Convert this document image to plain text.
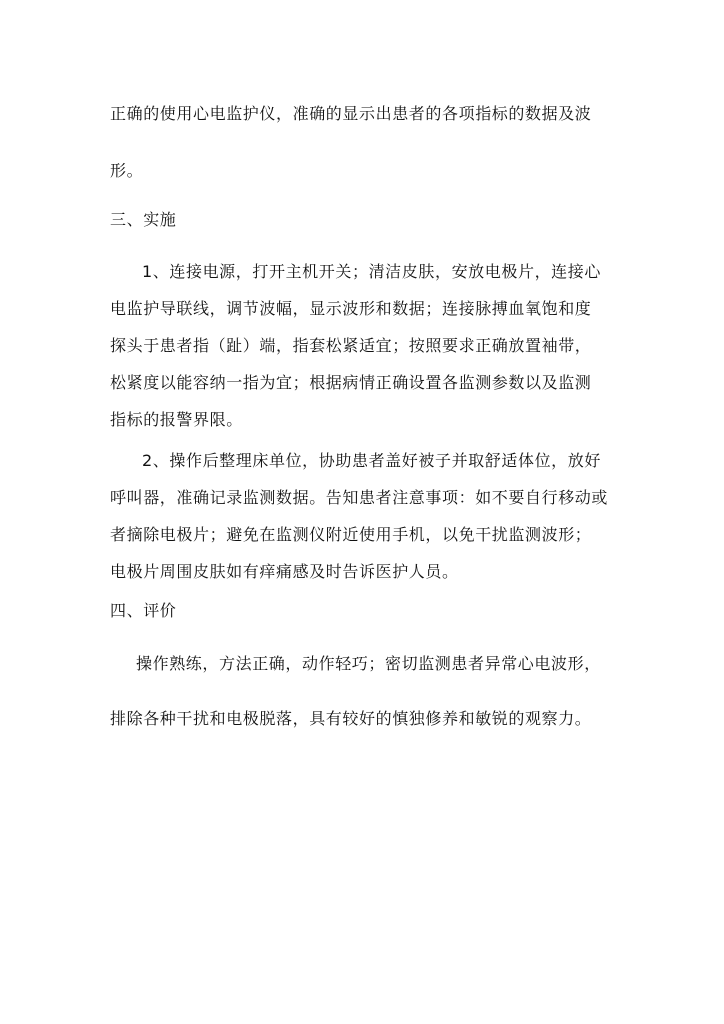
正确的使用心电监护仪，准确的显示出患者的各项指标的数据及波
形。
三、实施
1、连接电源，打开主机开关；清洁皮肤，安放电极片，连接心
电监护导联线，调节波幅，显示波形和数据；连接脉搏血氧饱和度
探头于患者指（趾）端，指套松紧适宜；按照要求正确放置袖带，
松紧度以能容纳一指为宜；根据病情正确设置各监测参数以及监测
指标的报警界限。
2、操作后整理床单位，协助患者盖好被子并取舒适体位，放好
呼叫器，准确记录监测数据。告知患者注意事项：如不要自行移动或
者摘除电极片；避免在监测仪附近使用手机，以免干扰监测波形；
电极片周围皮肤如有痒痛感及时告诉医护人员。
四、评价
操作熟练，方法正确，动作轻巧；密切监测患者异常心电波形，
排除各种干扰和电极脱落，具有较好的慎独修养和敏锐的观察力。
